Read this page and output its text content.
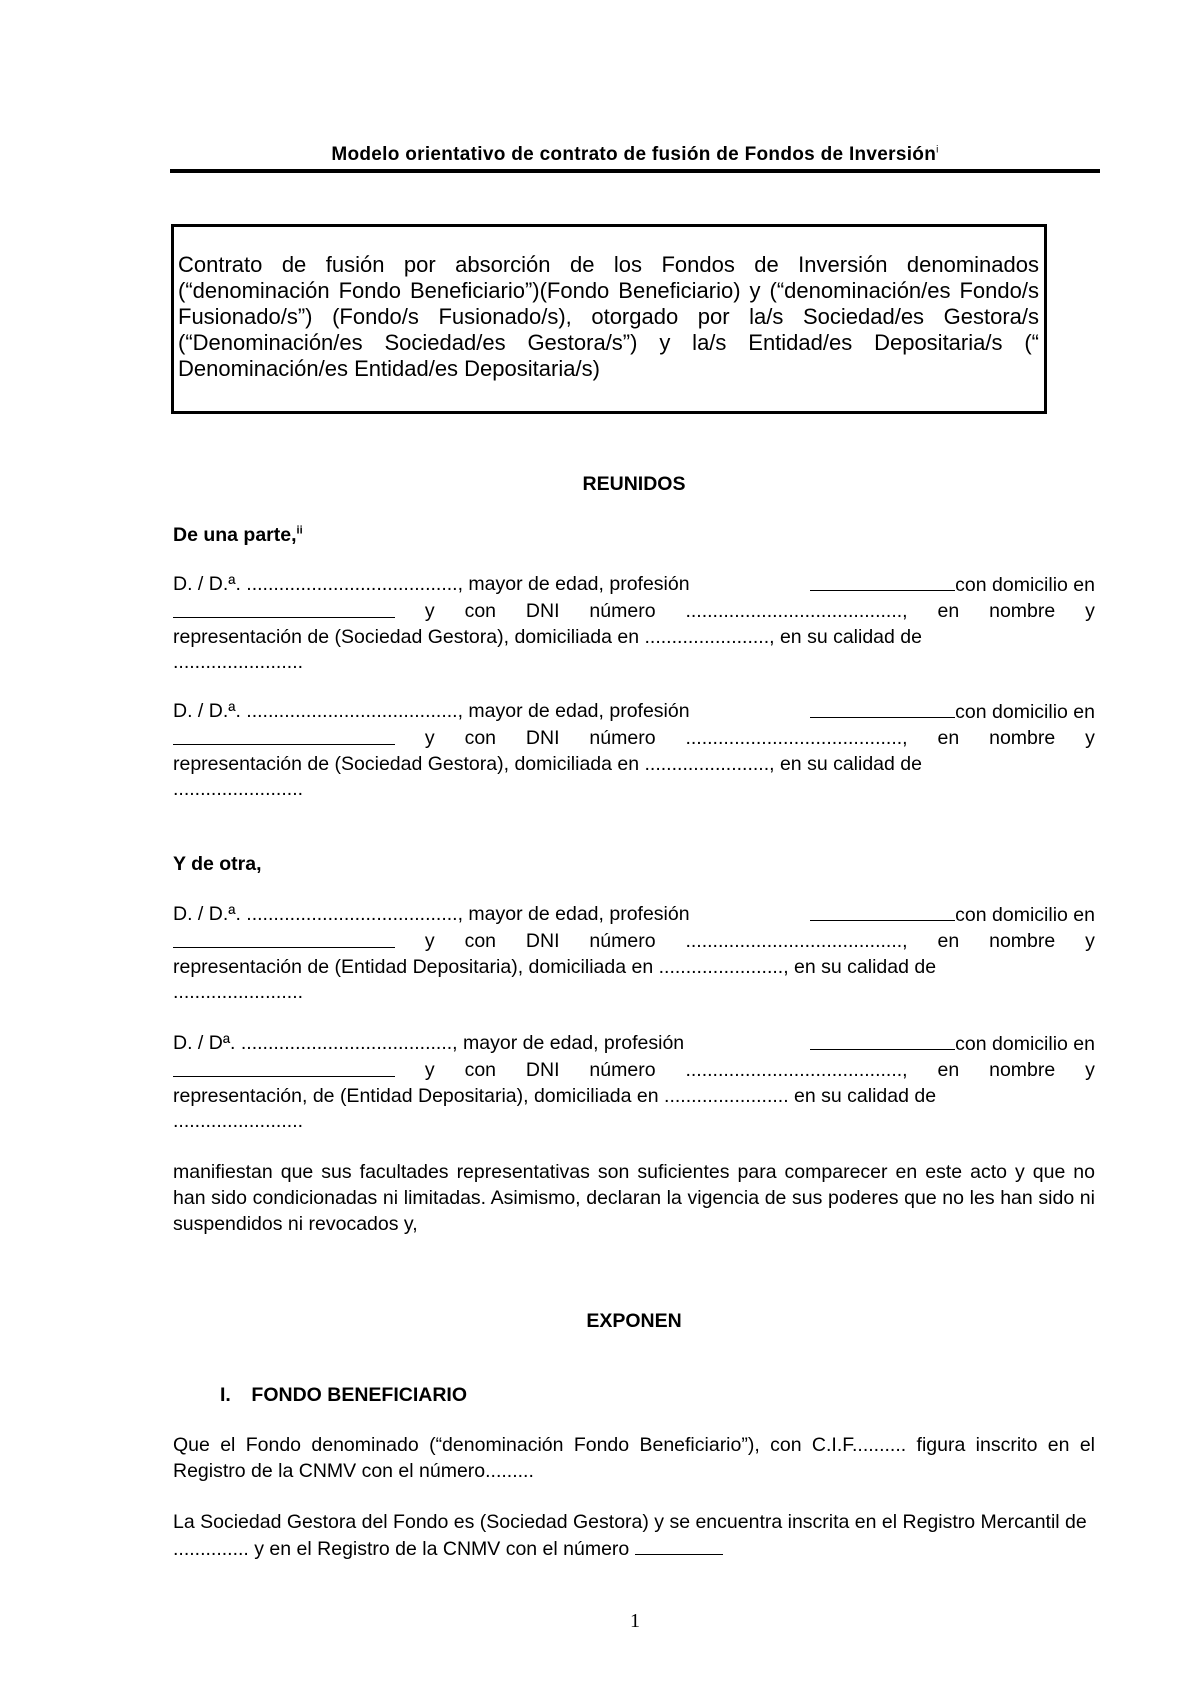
Modelo orientativo de contrato de fusión de Fondos de Inversión$^i$
Contrato de fusión por absorción de los Fondos de Inversión denominados (“denominación Fondo Beneficiario”)(Fondo Beneficiario) y (“denominación/es Fondo/s Fusionado/s”) (Fondo/s Fusionado/s), otorgado por la/s Sociedad/es Gestora/s (“Denominación/es Sociedad/es Gestora/s”) y la/s Entidad/es Depositaria/s (“ Denominación/es Entidad/es Depositaria/s)
REUNIDOS
De una parte,$^{ii}$
D. / D.ª. ......................................., mayor de edad, profesión	con domicilio en
y con DNI número ........................................, en nombre y
representación de (Sociedad Gestora), domiciliada en ......................., en su calidad de
........................
D. / D.ª. ......................................., mayor de edad, profesión	con domicilio en
y con DNI número ........................................, en nombre y
representación de (Sociedad Gestora), domiciliada en ......................., en su calidad de
........................
Y de otra,
D. / D.ª. ......................................., mayor de edad, profesión	con domicilio en
y con DNI número ........................................, en nombre y
representación de (Entidad Depositaria), domiciliada en ......................., en su calidad de
........................
D. / Dª. ......................................., mayor de edad, profesión	con domicilio en
y con DNI número ........................................, en nombre y
representación, de (Entidad Depositaria), domiciliada en ....................... en su calidad de
........................
manifiestan que sus facultades representativas son suficientes para comparecer en este acto y que no han sido condicionadas ni limitadas. Asimismo, declaran la vigencia de sus poderes que no les han sido ni suspendidos ni revocados y,
EXPONEN
I. FONDO BENEFICIARIO
Que el Fondo denominado (“denominación Fondo Beneficiario”), con C.I.F.......... figura inscrito en el Registro de la CNMV con el número.........
La Sociedad Gestora del Fondo es (Sociedad Gestora) y se encuentra inscrita en el Registro Mercantil de .............. y en el Registro de la CNMV con el número
1
